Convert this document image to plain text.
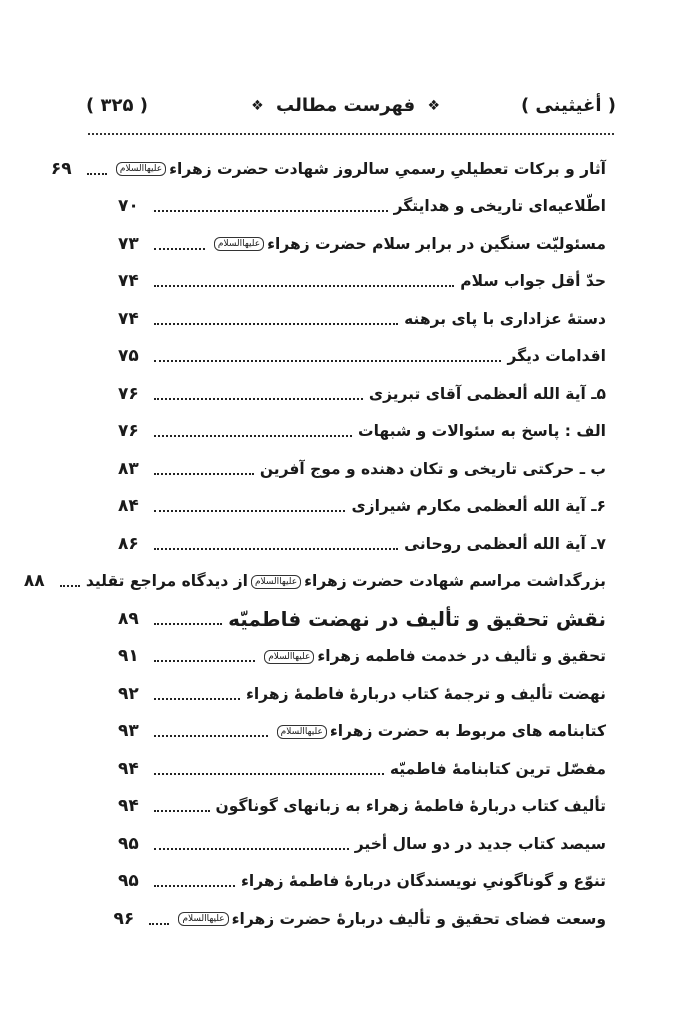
( أغیثینی )
❖ فهرست مطالب ❖
( ۳۲۵ )
آثار و برکات تعطیلیِ رسمیِ سالروز شهادت حضرت زهراءعلیهاالسلام
۶۹
اطّلاعیه‌ای تاریخی و هدایتگر
۷۰
مسئولیّت سنگین در برابر سلام حضرت زهراءعلیهاالسلام
۷۳
حدّ أقل جواب سلام
۷۴
دستهٔ عزاداری با پای برهنه
۷۴
اقدامات دیگر
۷۵
۵ـ آیة الله ألعظمی آقای تبریزی
۷۶
الف : پاسخ به سئوالات و شبهات
۷۶
ب ـ حرکتی تاریخی و تکان دهنده و موج آفرین
۸۳
۶ـ آیة الله ألعظمی مکارم شیرازی
۸۴
۷ـ آیة الله ألعظمی روحانی
۸۶
بزرگداشت مراسم شهادت حضرت زهراءعلیهاالسلاماز دیدگاه مراجع تقلید
۸۸
نقش تحقیق و تألیف در نهضت فاطمیّه
۸۹
تحقیق و تألیف در خدمت فاطمه زهراءعلیهاالسلام
۹۱
نهضت تألیف و ترجمهٔ کتاب دربارهٔ فاطمهٔ زهراء
۹۲
کتابنامه های مربوط به حضرت زهراءعلیهاالسلام
۹۳
مفصّل ترین کتابنامهٔ فاطمیّه
۹۴
تألیف کتاب دربارهٔ فاطمهٔ زهراء به زبانهای گوناگون
۹۴
سیصد کتاب جدید در دو سال أخیر
۹۵
تنوّع و گوناگونیِ نویسندگان دربارهٔ فاطمهٔ زهراء
۹۵
وسعت فضای تحقیق و تألیف دربارهٔ حضرت زهراءعلیهاالسلام
۹۶
